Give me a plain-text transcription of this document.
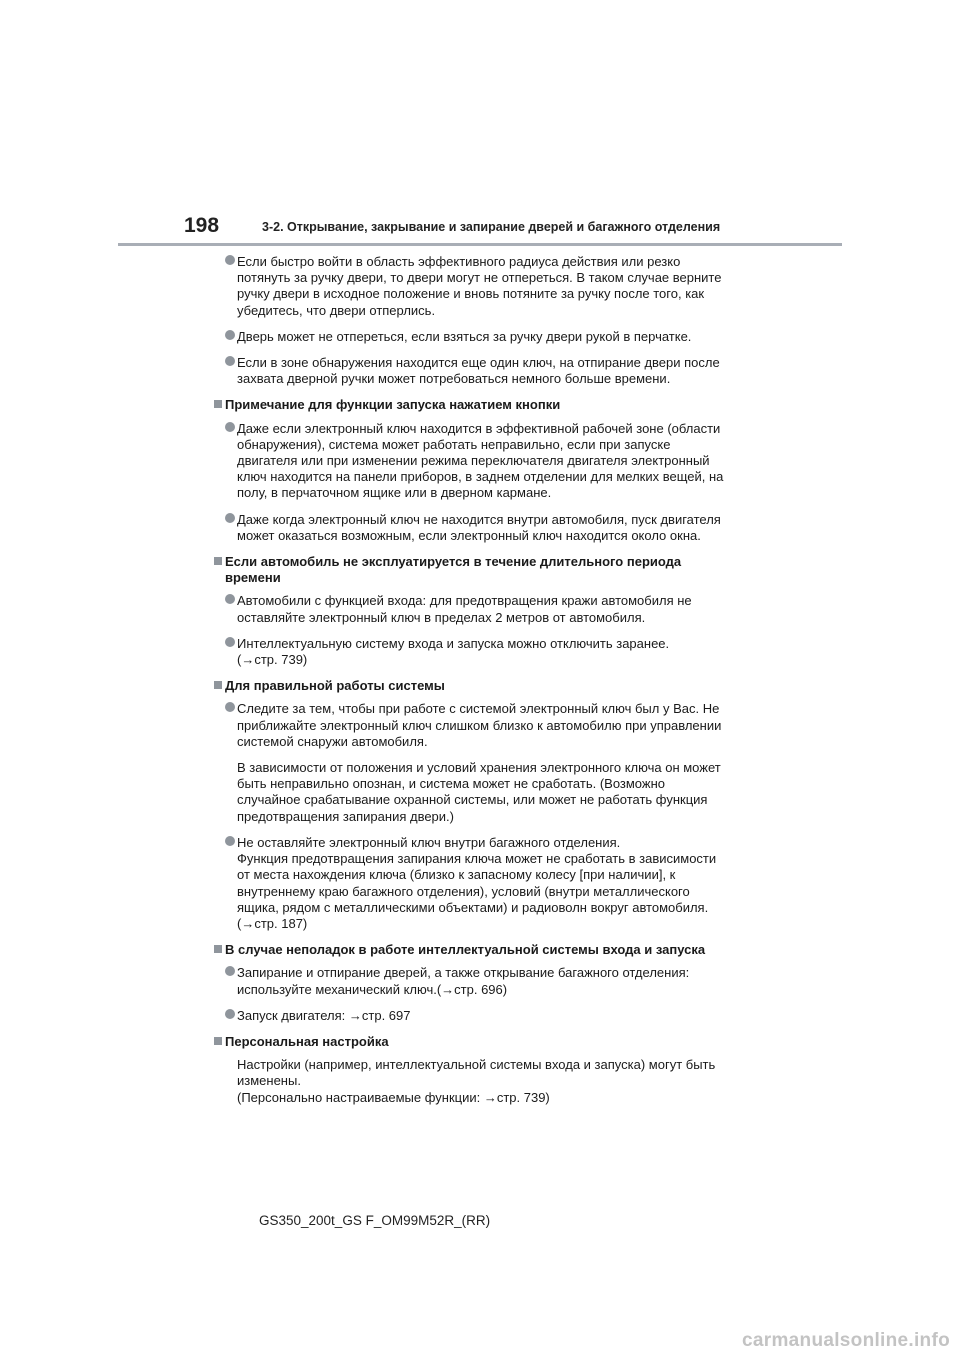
198	3-2. Открывание, закрывание и запирание дверей и багажного отделения
Если быстро войти в область эффективного радиуса действия или резко
потянуть за ручку двери, то двери могут не отпереться. В таком случае верните
ручку двери в исходное положение и вновь потяните за ручку после того, как
убедитесь, что двери отперлись.
Дверь может не отпереться, если взяться за ручку двери рукой в перчатке.
Если в зоне обнаружения находится еще один ключ, на отпирание двери после
захвата дверной ручки может потребоваться немного больше времени.
Примечание для функции запуска нажатием кнопки
Даже если электронный ключ находится в эффективной рабочей зоне (области
обнаружения), система может работать неправильно, если при запуске
двигателя или при изменении режима переключателя двигателя электронный
ключ находится на панели приборов, в заднем отделении для мелких вещей, на
полу, в перчаточном ящике или в дверном кармане.
Даже когда электронный ключ не находится внутри автомобиля, пуск двигателя
может оказаться возможным, если электронный ключ находится около окна.
Если автомобиль не эксплуатируется в течение длительного периода
времени
Автомобили с функцией входа: для предотвращения кражи автомобиля не
оставляйте электронный ключ в пределах 2 метров от автомобиля.
Интеллектуальную систему входа и запуска можно отключить заранее.
(→стр. 739)
Для правильной работы системы
Следите за тем, чтобы при работе с системой электронный ключ был у Вас. Не
приближайте электронный ключ слишком близко к автомобилю при управлении
системой снаружи автомобиля.
В зависимости от положения и условий хранения электронного ключа он может
быть неправильно опознан, и система может не сработать. (Возможно
случайное срабатывание охранной системы, или может не работать функция
предотвращения запирания двери.)
Не оставляйте электронный ключ внутри багажного отделения.
Функция предотвращения запирания ключа может не сработать в зависимости
от места нахождения ключа (близко к запасному колесу [при наличии], к
внутреннему краю багажного отделения), условий (внутри металлического
ящика, рядом с металлическими объектами) и радиоволн вокруг автомобиля.
(→стр. 187)
В случае неполадок в работе интеллектуальной системы входа и запуска
Запирание и отпирание дверей, а также открывание багажного отделения:
используйте механический ключ.(→стр. 696)
Запуск двигателя: →стр. 697
Персональная настройка
Настройки (например, интеллектуальной системы входа и запуска) могут быть
изменены.
(Персонально настраиваемые функции: →стр. 739)
GS350_200t_GS F_OM99M52R_(RR)
carmanualsonline.info
